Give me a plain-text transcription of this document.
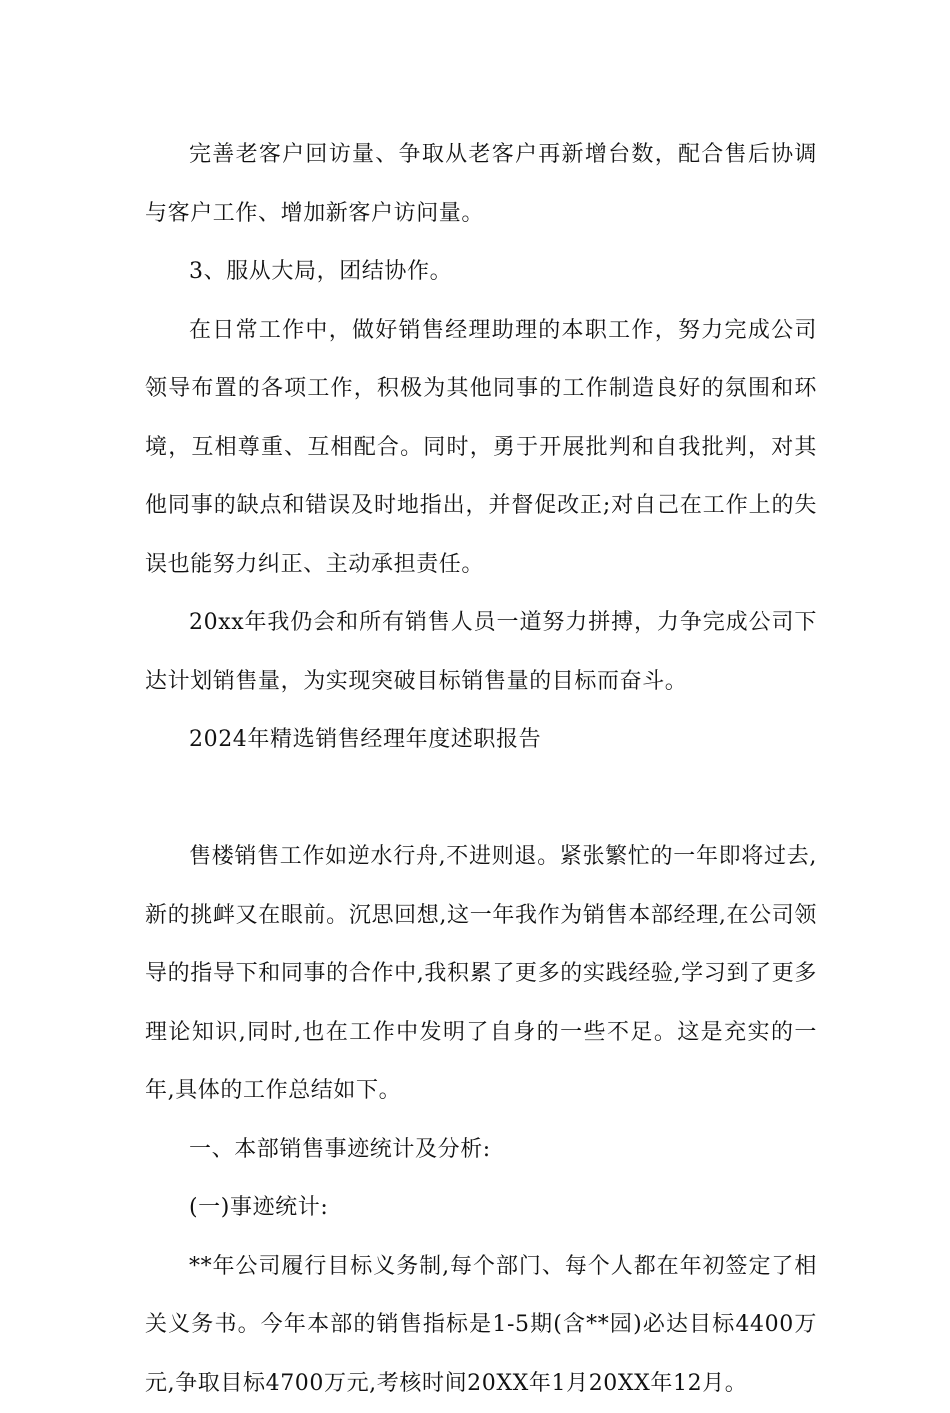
完善老客户回访量、争取从老客户再新增台数，配合售后协调与客户工作、增加新客户访问量。

3、服从大局，团结协作。

在日常工作中，做好销售经理助理的本职工作，努力完成公司领导布置的各项工作，积极为其他同事的工作制造良好的氛围和环境，互相尊重、互相配合。同时，勇于开展批判和自我批判，对其他同事的缺点和错误及时地指出，并督促改正;对自己在工作上的失误也能努力纠正、主动承担责任。

20xx年我仍会和所有销售人员一道努力拼搏，力争完成公司下达计划销售量，为实现突破目标销售量的目标而奋斗。

2024年精选销售经理年度述职报告

售楼销售工作如逆水行舟,不进则退。紧张繁忙的一年即将过去,新的挑衅又在眼前。沉思回想,这一年我作为销售本部经理,在公司领导的指导下和同事的合作中,我积累了更多的实践经验,学习到了更多理论知识,同时,也在工作中发明了自身的一些不足。这是充实的一年,具体的工作总结如下。

一、本部销售事迹统计及分析:

(一)事迹统计:

**年公司履行目标义务制,每个部门、每个人都在年初签定了相关义务书。今年本部的销售指标是1-5期(含**园)必达目标4400万元,争取目标4700万元,考核时间20XX年1月20XX年12月。
